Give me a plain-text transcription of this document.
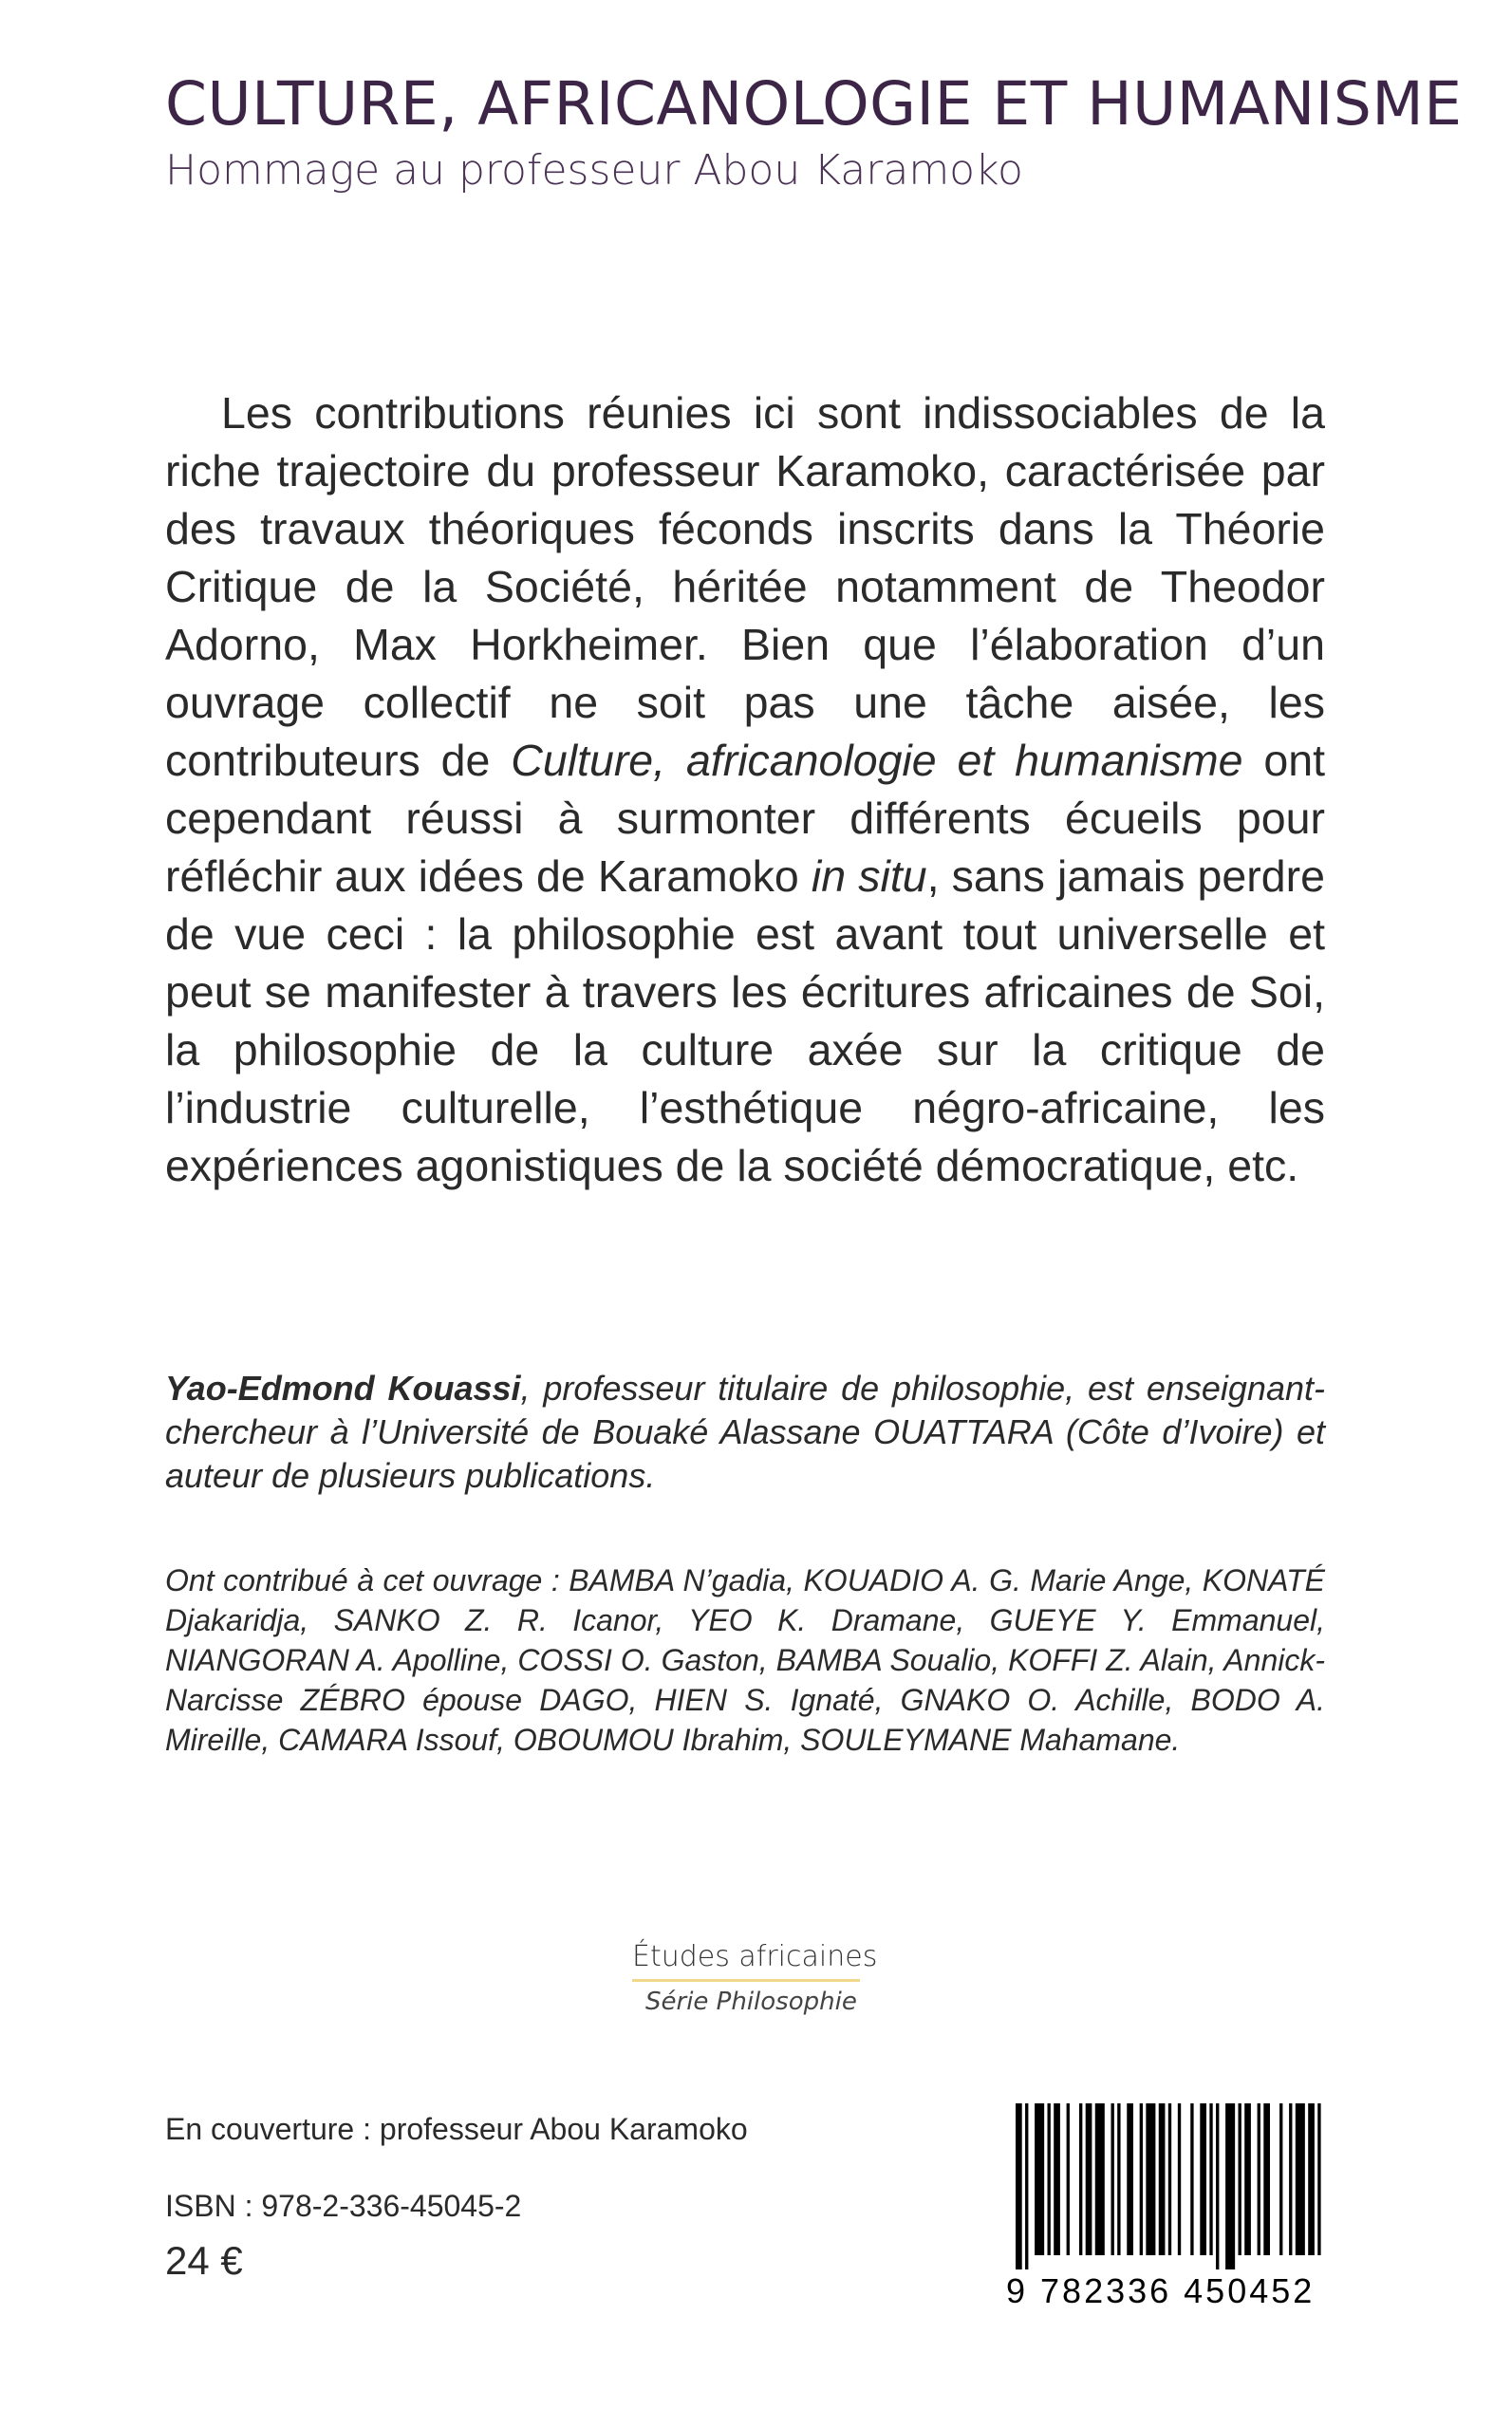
CULTURE, AFRICANOLOGIE ET HUMANISME
Hommage au professeur Abou Karamoko

Les contributions réunies ici sont indissociables de la riche trajectoire du professeur Karamoko, caractérisée par des travaux théoriques féconds inscrits dans la Théorie Critique de la Société, héritée notamment de Theodor Adorno, Max Horkheimer. Bien que l’élaboration d’un ouvrage collectif ne soit pas une tâche aisée, les contributeurs de Culture, africanologie et humanisme ont cependant réussi à surmonter différents écueils pour réfléchir aux idées de Karamoko in situ, sans jamais perdre de vue ceci : la philosophie est avant tout universelle et peut se manifester à travers les écritures africaines de Soi, la philosophie de la culture axée sur la critique de l’industrie culturelle, l’esthétique négro-africaine, les expériences agonistiques de la société démocratique, etc.

Yao-Edmond Kouassi, professeur titulaire de philosophie, est enseignant-chercheur à l’Université de Bouaké Alassane OUATTARA (Côte d’Ivoire) et auteur de plusieurs publications.

Ont contribué à cet ouvrage : BAMBA N’gadia, KOUADIO A. G. Marie Ange, KONATÉ Djakaridja, SANKO Z. R. Icanor, YEO K. Dramane, GUEYE Y. Emmanuel, NIANGORAN A. Apolline, COSSI O. Gaston, BAMBA Soualio, KOFFI Z. Alain, Annick-Narcisse ZÉBRO épouse DAGO, HIEN S. Ignaté, GNAKO O. Achille, BODO A. Mireille, CAMARA Issouf, OBOUMOU Ibrahim, SOULEYMANE Mahamane.

Études africaines
Série Philosophie
En couverture : professeur Abou Karamoko
ISBN : 978-2-336-45045-2
24 €
9 782336 450452
